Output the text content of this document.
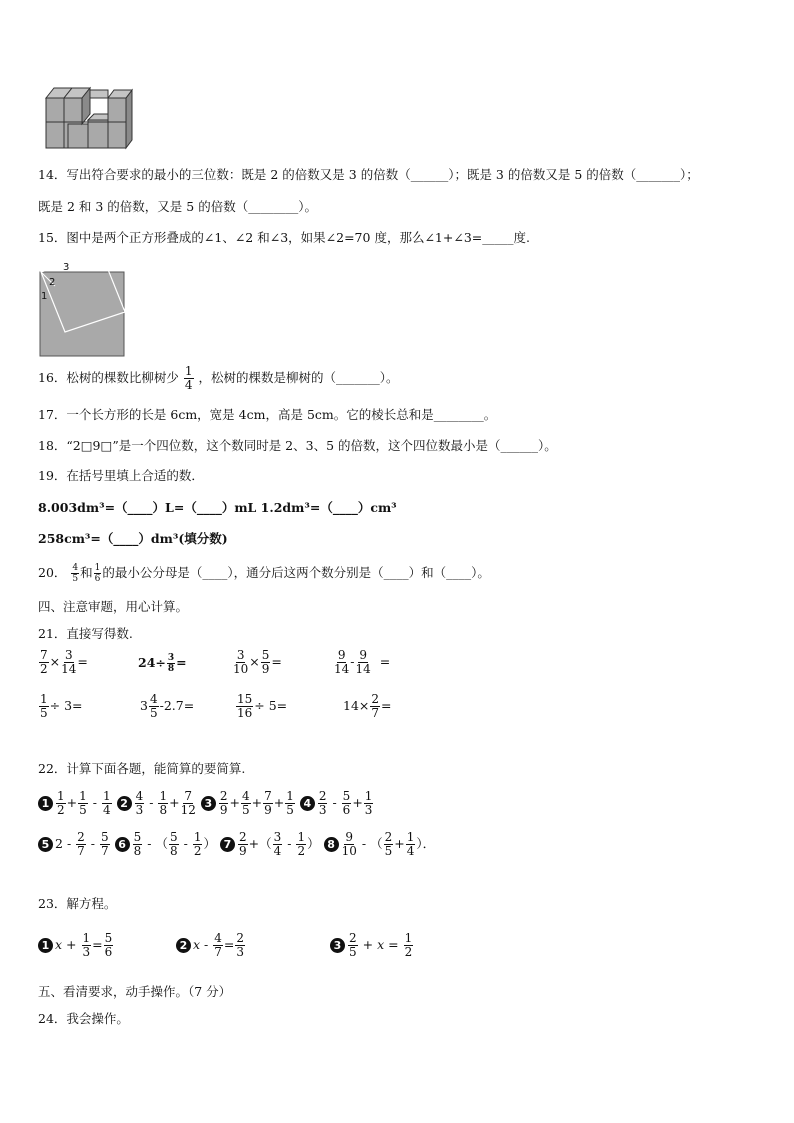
14．写出符合要求的最小的三位数：既是 2 的倍数又是 3 的倍数（______）；既是 3 的倍数又是 5 的倍数（_______）；
既是 2 和 3 的倍数，又是 5 的倍数（________）。
15．图中是两个正方形叠成的∠1、∠2 和∠3，如果∠2=70 度，那么∠1+∠3=_____度.
3
2
1
16．松树的棵数比柳树少 $\frac{1}{4}$ ，松树的棵数是柳树的（_______）。
17．一个长方形的长是 6cm，宽是 4cm，高是 5cm。它的棱长总和是________。
18．“2□9□”是一个四位数，这个数同时是 2、3、5 的倍数，这个四位数最小是（______）。
19．在括号里填上合适的数．
8.003dm³=（____）L=（____）mL 1.2dm³=（____）cm³
258cm³=（____）dm³(填分数)
20． $\frac{4}{5}$ 和 $\frac{1}{6}$ 的最小公分母是（____），通分后这两个数分别是（____）和（____）。
四、注意审题，用心计算。
21．直接写得数.
$\frac{7}{2} \times \frac{3}{14}$ =	$24\div \frac{3}{8}$ =	$\frac{3}{10} \times \frac{5}{9}$ =	$\frac{9}{14} - \frac{9}{14}$ =
$\frac{1}{5} \div 3=$	$3 \frac{4}{5} -2.7=$	$\frac{15}{16} \div 5=$	$14\times \frac{2}{7}$ =
22．计算下面各题，能简算的要简算.
$1 \frac{1}{2} + \frac{1}{5} - \frac{1}{4} 2 \frac{4}{3} - \frac{1}{8} + \frac{7}{12} 3 \frac{2}{9} + \frac{4}{5} + \frac{7}{9} + \frac{1}{5} 4 \frac{2}{3} - \frac{5}{6} + \frac{1}{3}$
5 $2 - \frac{2}{7} - \frac{5}{7} 6 \frac{5}{8}$ - （ $\frac{5}{8} - \frac{1}{2}$ ） $7 \frac{2}{9}$ +（ $\frac{3}{4} - \frac{1}{2}$ ） $8 \frac{9}{10}$ - （ $\frac{2}{5} + \frac{1}{4}$ ）．
23．解方程。
1 $x + \frac{1}{3} = \frac{5}{6}$	2 $x - \frac{4}{7} = \frac{2}{3}$	$3 \frac{2}{5} + x = \frac{1}{2}$
五、看清要求，动手操作。（7 分）
24．我会操作。
